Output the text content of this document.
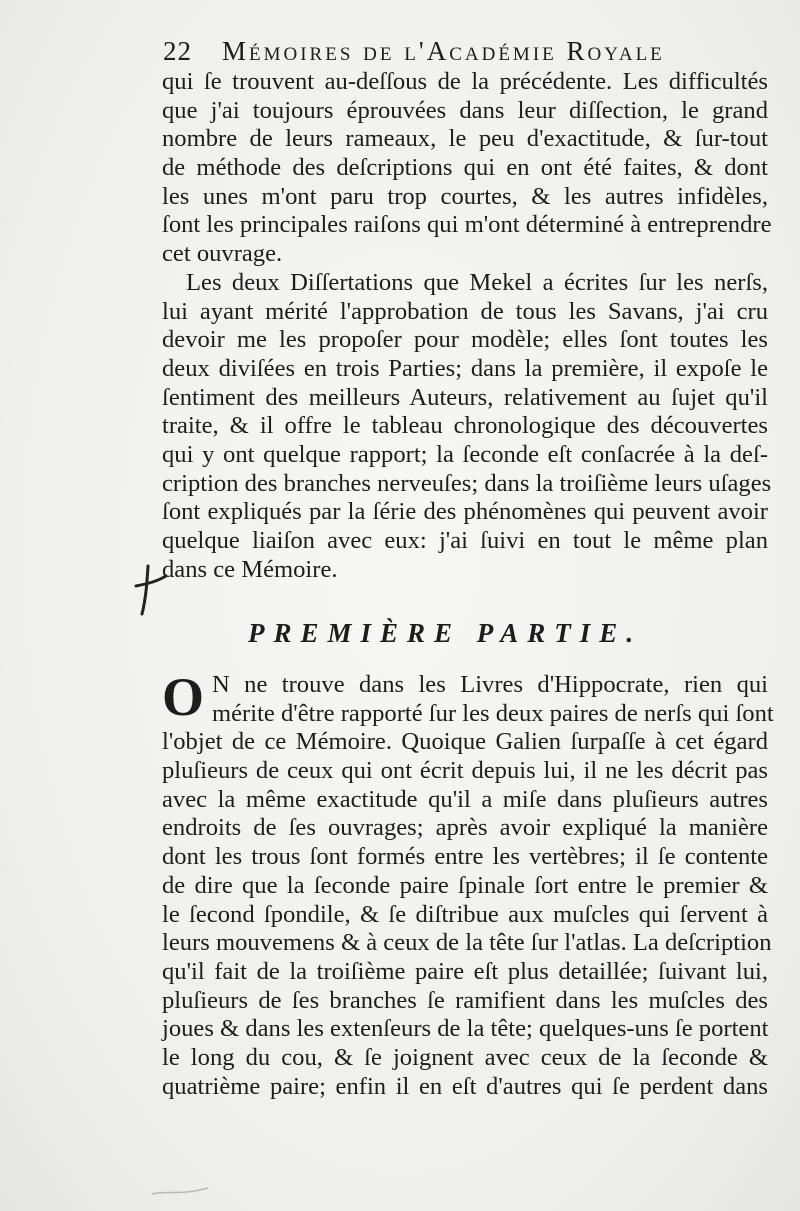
22 Mémoires de l'Académie Royale
qui ſe trouvent au-deſſous de la précédente. Les difficultés
que j'ai toujours éprouvées dans leur diſſection, le grand
nombre de leurs rameaux, le peu d'exactitude, & ſur-tout
de méthode des deſcriptions qui en ont été faites, & dont
les unes m'ont paru trop courtes, & les autres infidèles,
ſont les principales raiſons qui m'ont déterminé à entreprendre
cet ouvrage.
Les deux Diſſertations que Mekel a écrites ſur les nerſs,
lui ayant mérité l'approbation de tous les Savans, j'ai cru
devoir me les propoſer pour modèle; elles ſont toutes les
deux diviſées en trois Parties; dans la première, il expoſe le
ſentiment des meilleurs Auteurs, relativement au ſujet qu'il
traite, & il offre le tableau chronologique des découvertes
qui y ont quelque rapport; la ſeconde eſt conſacrée à la deſ-
cription des branches nerveuſes; dans la troiſième leurs uſages
ſont expliqués par la ſérie des phénomènes qui peuvent avoir
quelque liaiſon avec eux: j'ai ſuivi en tout le même plan
dans ce Mémoire.
PREMIÈRE PARTIE.
O N ne trouve dans les Livres d'Hippocrate, rien qui
mérite d'être rapporté ſur les deux paires de nerſs qui ſont
l'objet de ce Mémoire. Quoique Galien ſurpaſſe à cet égard
pluſieurs de ceux qui ont écrit depuis lui, il ne les décrit pas
avec la même exactitude qu'il a miſe dans pluſieurs autres
endroits de ſes ouvrages; après avoir expliqué la manière
dont les trous ſont formés entre les vertèbres; il ſe contente
de dire que la ſeconde paire ſpinale ſort entre le premier &
le ſecond ſpondile, & ſe diſtribue aux muſcles qui ſervent à
leurs mouvemens & à ceux de la tête ſur l'atlas. La deſcription
qu'il fait de la troiſième paire eſt plus detaillée; ſuivant lui,
pluſieurs de ſes branches ſe ramifient dans les muſcles des
joues & dans les extenſeurs de la tête; quelques-uns ſe portent
le long du cou, & ſe joignent avec ceux de la ſeconde &
quatrième paire; enfin il en eſt d'autres qui ſe perdent dans
